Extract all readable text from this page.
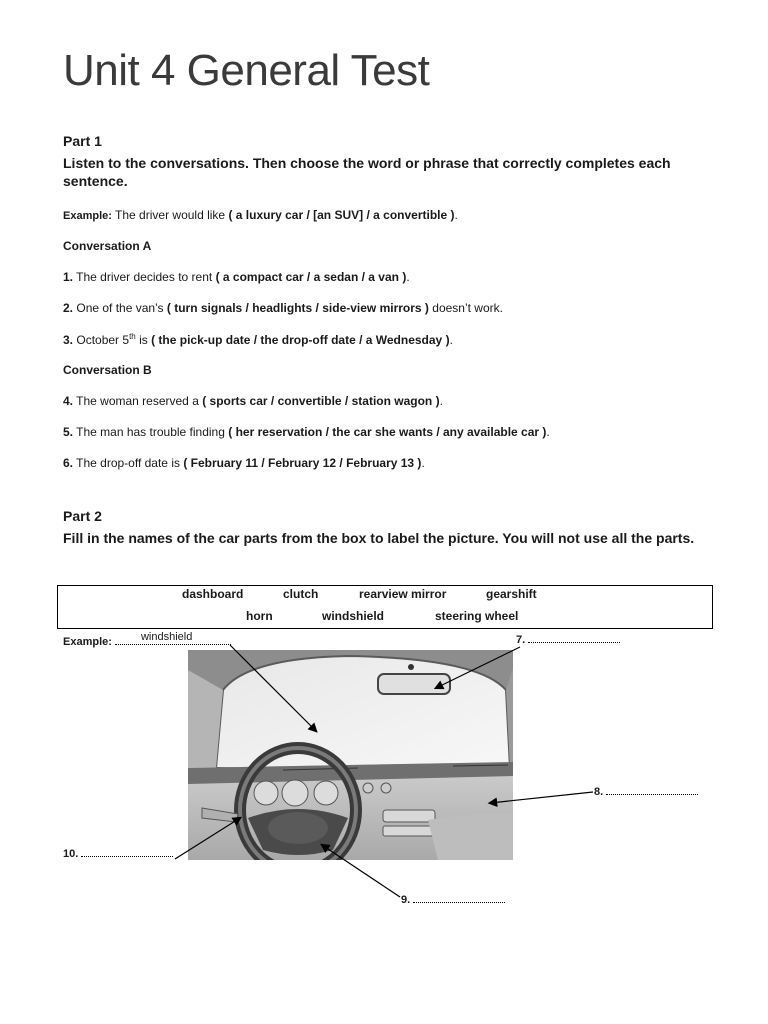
Unit 4 General Test
Part 1
Listen to the conversations. Then choose the word or phrase that correctly completes each sentence.
Example: The driver would like ( a luxury car / [an SUV] / a convertible ).
Conversation A
1. The driver decides to rent ( a compact car / a sedan / a van ).
2. One of the van’s ( turn signals / headlights / side-view mirrors ) doesn’t work.
3. October 5th is ( the pick-up date / the drop-off date / a Wednesday ).
Conversation B
4. The woman reserved a ( sports car / convertible / station wagon ).
5. The man has trouble finding ( her reservation / the car she wants / any available car ).
6. The drop-off date is ( February 11 / February 12 / February 13 ).
Part 2
Fill in the names of the car parts from the box to label the picture. You will not use all the parts.
dashboard	clutch	rearview mirror	gearshift
horn	windshield	steering wheel
Example:	windshield	7.
8.
9.
10.
